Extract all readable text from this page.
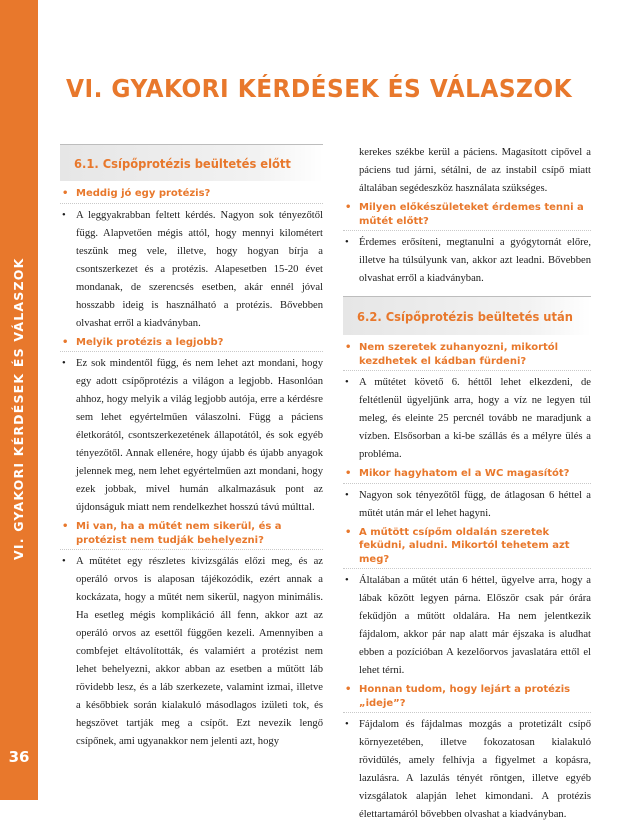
VI. GYAKORI KÉRDÉSEK ÉS VÁLASZOK
36
VI. GYAKORI KÉRDÉSEK ÉS VÁLASZOK
6.1. Csípőprotézis beültetés előtt
• Meddig jó egy protézis?
• A leggyakrabban feltett kérdés. Nagyon sok tényezőtől függ. Alapvetően mégis attól, hogy mennyi kilométert teszünk meg vele, illetve, hogy hogyan bírja a csontszerkezet és a protézis. Alapesetben 15-20 évet mondanak, de szerencsés esetben, akár ennél jóval hosszabb ideig is használható a protézis. Bővebben olvashat erről a kiadványban.
• Melyik protézis a legjobb?
• Ez sok mindentől függ, és nem lehet azt mondani, hogy egy adott csípőprotézis a világon a legjobb. Hasonlóan ahhoz, hogy melyik a világ legjobb autója, erre a kérdésre sem lehet egyértelműen válaszolni. Függ a páciens életkorától, csontszerkezetének állapotától, és sok egyéb tényezőtől. Annak ellenére, hogy újabb és újabb anyagok jelennek meg, nem lehet egyértelműen azt mondani, hogy ezek jobbak, mivel humán alkalmazásuk pont az újdonságuk miatt nem rendelkezhet hosszú távú múlttal.
• Mi van, ha a műtét nem sikerül, és a protézist nem tudják behelyezni?
• A műtétet egy részletes kivizsgálás előzi meg, és az operáló orvos is alaposan tájékozódik, ezért annak a kockázata, hogy a műtét nem sikerül, nagyon minimális. Ha esetleg mégis komplikáció áll fenn, akkor azt az operáló orvos az esettől függően kezeli. Amennyiben a combfejet eltávolították, és valamiért a protézist nem lehet behelyezni, akkor abban az esetben a műtött láb rövidebb lesz, és a láb szerkezete, valamint izmai, illetve a későbbiek során kialakuló másodlagos izületi tok, és hegszövet tartják meg a csípőt. Ezt nevezik lengő csípőnek, ami ugyanakkor nem jelenti azt, hogy
kerekes székbe kerül a páciens. Magasított cipővel a páciens tud járni, sétálni, de az instabil csípő miatt általában segédeszköz használata szükséges.
• Milyen előkészületeket érdemes tenni a műtét előtt?
• Érdemes erősíteni, megtanulni a gyógytornát előre, illetve ha túlsúlyunk van, akkor azt leadni. Bővebben olvashat erről a kiadványban.
6.2. Csípőprotézis beültetés után
• Nem szeretek zuhanyozni, mikortól kezdhetek el kádban fürdeni?
• A műtétet követő 6. héttől lehet elkezdeni, de feltétlenül ügyeljünk arra, hogy a víz ne legyen túl meleg, és eleinte 25 percnél tovább ne maradjunk a vízben. Elsősorban a ki-be szállás és a mélyre ülés a probléma.
• Mikor hagyhatom el a WC magasítót?
• Nagyon sok tényezőtől függ, de átlagosan 6 héttel a műtét után már el lehet hagyni.
• A műtött csípőm oldalán szeretek feküdni, aludni. Mikortól tehetem azt meg?
• Általában a műtét után 6 héttel, ügyelve arra, hogy a lábak között legyen párna. Először csak pár órára fekűdjön a műtött oldalára. Ha nem jelentkezik fájdalom, akkor pár nap alatt már éjszaka is aludhat ebben a pozícióban A kezelőorvos javaslatára ettől el lehet térni.
• Honnan tudom, hogy lejárt a protézis „ideje”?
• Fájdalom és fájdalmas mozgás a protetizált csípő környezetében, illetve fokozatosan kialakuló rövidülés, amely felhívja a figyelmet a kopásra, lazulásra. A lazulás tényét röntgen, illetve egyéb vizsgálatok alapján lehet kimondani. A protézis élettartamáról bővebben olvashat a kiadványban.
